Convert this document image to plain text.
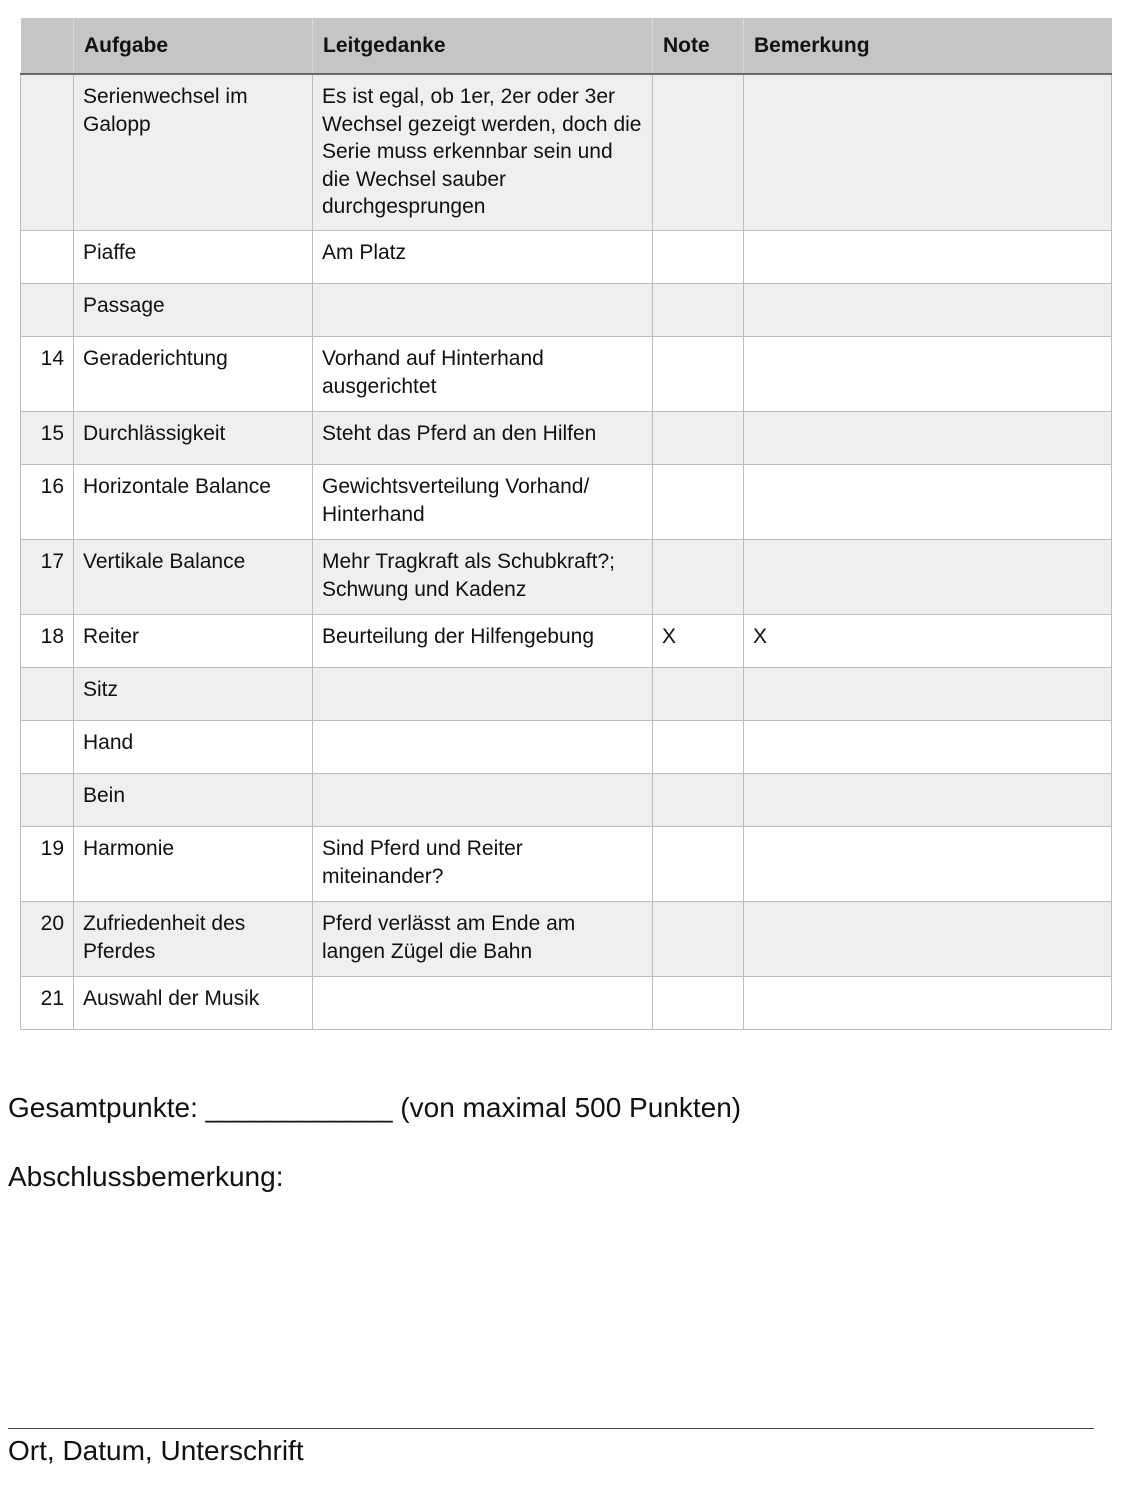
	Aufgabe	Leitgedanke	Note	Bemerkung
	Serienwechsel im Galopp	Es ist egal, ob 1er, 2er oder 3er Wechsel gezeigt werden, doch die Serie muss erkennbar sein und die Wechsel sauber durchgesprungen		
	Piaffe	Am Platz		
	Passage			
14	Geraderichtung	Vorhand auf Hinterhand ausgerichtet		
15	Durchlässigkeit	Steht das Pferd an den Hilfen		
16	Horizontale Balance	Gewichtsverteilung Vorhand/ Hinterhand		
17	Vertikale Balance	Mehr Tragkraft als Schubkraft?; Schwung und Kadenz		
18	Reiter	Beurteilung der Hilfengebung	X	X
	Sitz			
	Hand			
	Bein			
19	Harmonie	Sind Pferd und Reiter miteinander?		
20	Zufriedenheit des Pferdes	Pferd verlässt am Ende am langen Zügel die Bahn		
21	Auswahl der Musik			
Gesamtpunkte: ____________ (von maximal 500 Punkten)
Abschlussbemerkung:
Ort, Datum, Unterschrift
